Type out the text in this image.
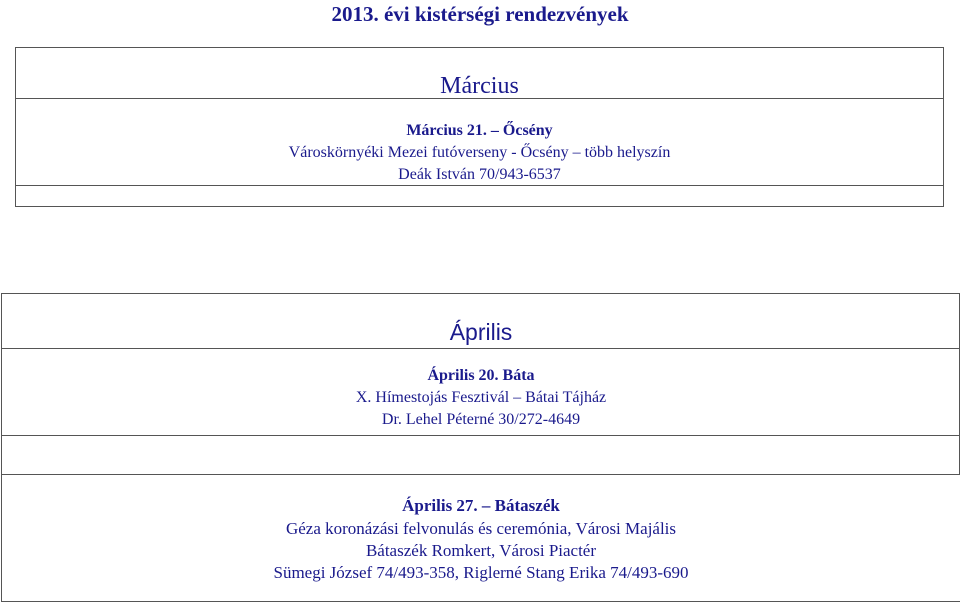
2013. évi kistérségi rendezvények
Március
Március 21. – Őcsény
Városkörnyéki Mezei futóverseny - Őcsény – több helyszín
Deák István 70/943-6537
Április
Április 20. Báta
X. Hímestojás Fesztivál – Bátai Tájház
Dr. Lehel Péterné 30/272-4649
Április 27. – Bátaszék
Géza koronázási felvonulás és ceremónia, Városi Majális
Bátaszék Romkert, Városi Piactér
Sümegi József 74/493-358, Riglerné Stang Erika 74/493-690
